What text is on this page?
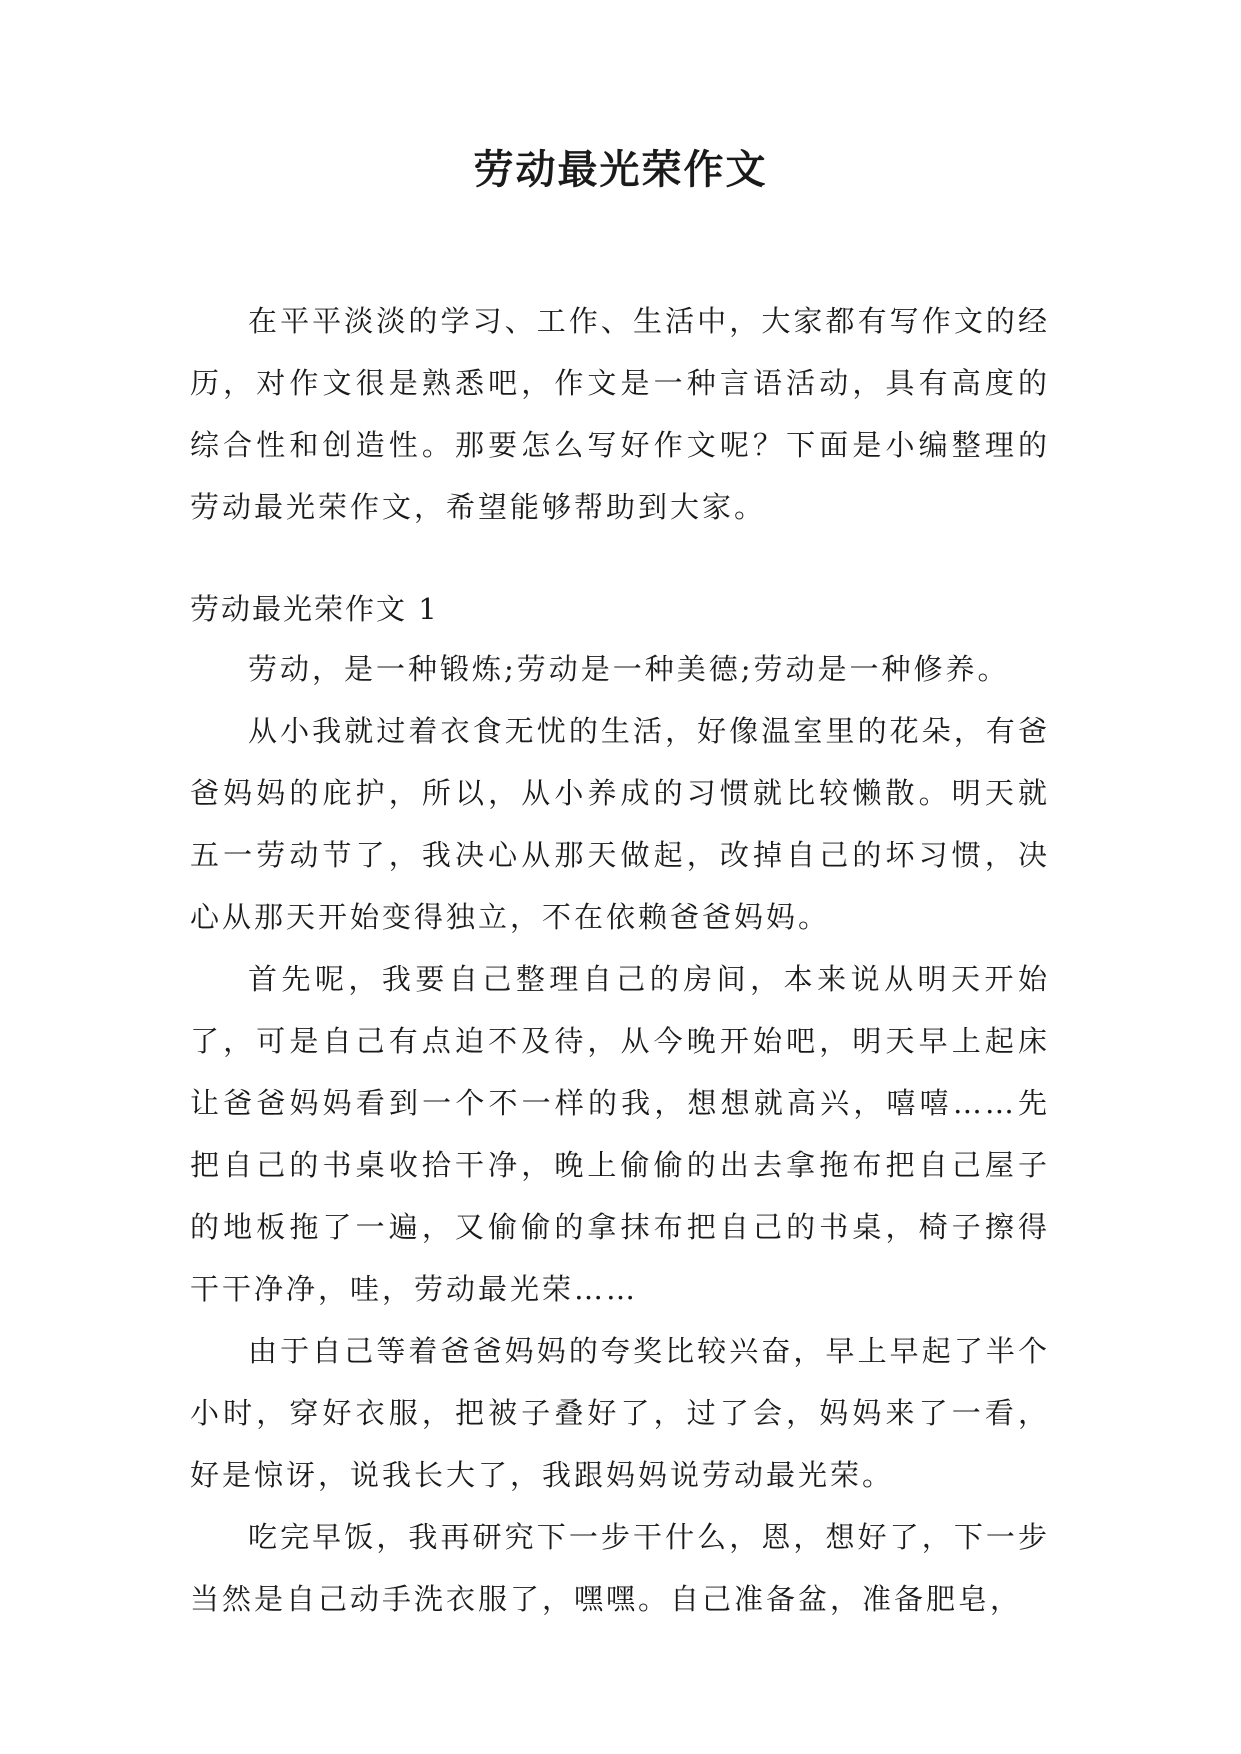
劳动最光荣作文

在平平淡淡的学习、工作、生活中，大家都有写作文的经历，对作文很是熟悉吧，作文是一种言语活动，具有高度的综合性和创造性。那要怎么写好作文呢？下面是小编整理的劳动最光荣作文，希望能够帮助到大家。

劳动最光荣作文 1

劳动，是一种锻炼;劳动是一种美德;劳动是一种修养。

从小我就过着衣食无忧的生活，好像温室里的花朵，有爸爸妈妈的庇护，所以，从小养成的习惯就比较懒散。明天就五一劳动节了，我决心从那天做起，改掉自己的坏习惯，决心从那天开始变得独立，不在依赖爸爸妈妈。

首先呢，我要自己整理自己的房间，本来说从明天开始了，可是自己有点迫不及待，从今晚开始吧，明天早上起床让爸爸妈妈看到一个不一样的我，想想就高兴，嘻嘻……先把自己的书桌收拾干净，晚上偷偷的出去拿拖布把自己屋子的地板拖了一遍，又偷偷的拿抹布把自己的书桌，椅子擦得干干净净，哇，劳动最光荣……

由于自己等着爸爸妈妈的夸奖比较兴奋，早上早起了半个小时，穿好衣服，把被子叠好了，过了会，妈妈来了一看，好是惊讶，说我长大了，我跟妈妈说劳动最光荣。

吃完早饭，我再研究下一步干什么，恩，想好了，下一步当然是自己动手洗衣服了，嘿嘿。自己准备盆，准备肥皂，
